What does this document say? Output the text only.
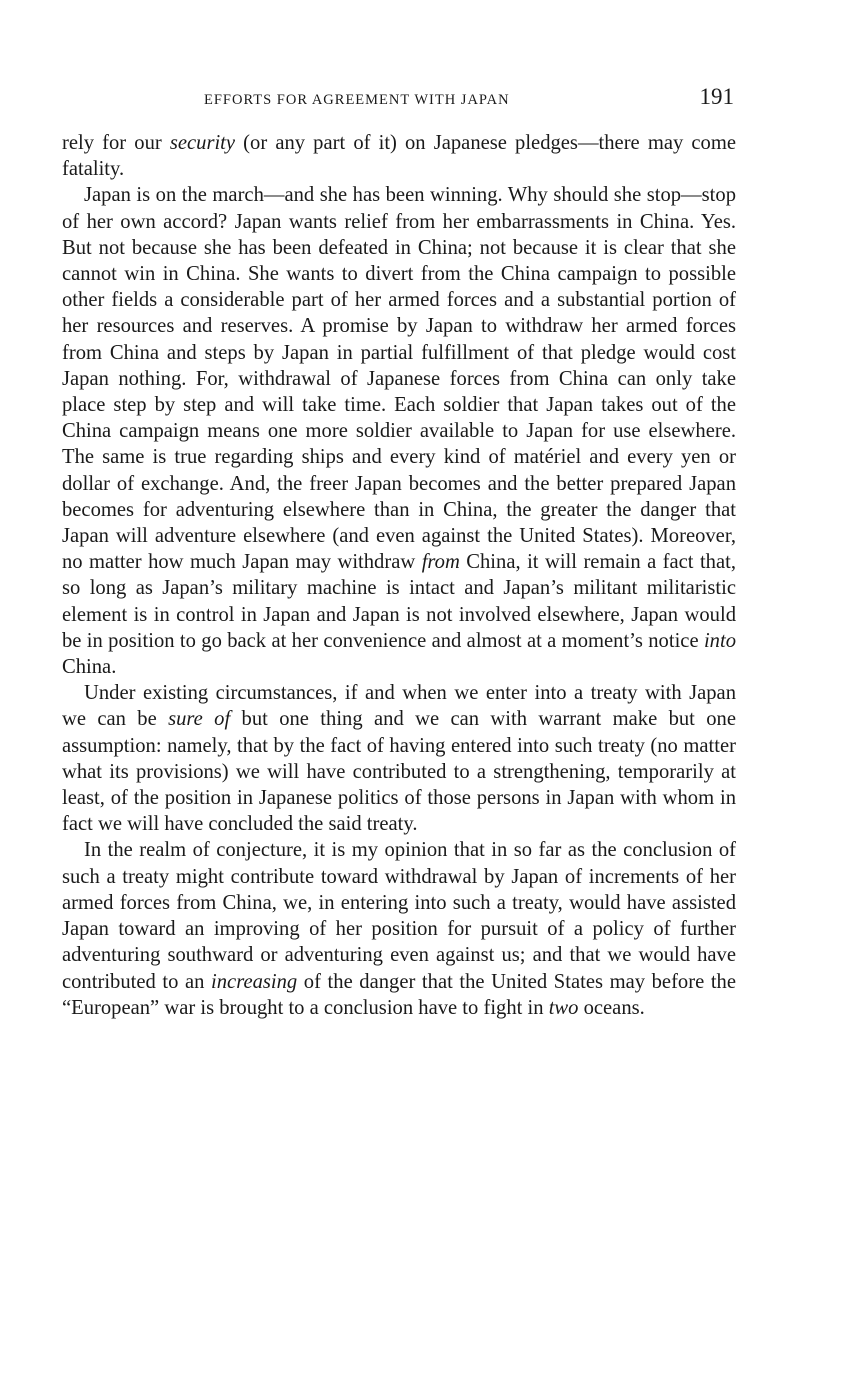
EFFORTS FOR AGREEMENT WITH JAPAN	191

rely for our security (or any part of it) on Japanese pledges—there may come fatality.

Japan is on the march—and she has been winning. Why should she stop—stop of her own accord? Japan wants relief from her embarrassments in China. Yes. But not because she has been defeated in China; not because it is clear that she cannot win in China. She wants to divert from the China campaign to possible other fields a considerable part of her armed forces and a substantial portion of her resources and reserves. A promise by Japan to withdraw her armed forces from China and steps by Japan in partial fulfillment of that pledge would cost Japan nothing. For, withdrawal of Japanese forces from China can only take place step by step and will take time. Each soldier that Japan takes out of the China campaign means one more soldier available to Japan for use elsewhere. The same is true regarding ships and every kind of matériel and every yen or dollar of exchange. And, the freer Japan becomes and the better prepared Japan becomes for adventuring elsewhere than in China, the greater the danger that Japan will adventure elsewhere (and even against the United States). Moreover, no matter how much Japan may withdraw from China, it will remain a fact that, so long as Japan’s military machine is intact and Japan’s militant militaristic element is in control in Japan and Japan is not involved elsewhere, Japan would be in position to go back at her convenience and almost at a moment’s notice into China.

Under existing circumstances, if and when we enter into a treaty with Japan we can be sure of but one thing and we can with warrant make but one assumption: namely, that by the fact of having entered into such treaty (no matter what its provisions) we will have contributed to a strengthening, temporarily at least, of the position in Japanese politics of those persons in Japan with whom in fact we will have concluded the said treaty.

In the realm of conjecture, it is my opinion that in so far as the conclusion of such a treaty might contribute toward withdrawal by Japan of increments of her armed forces from China, we, in entering into such a treaty, would have assisted Japan toward an improving of her position for pursuit of a policy of further adventuring southward or adventuring even against us; and that we would have contributed to an increasing of the danger that the United States may before the “European” war is brought to a conclusion have to fight in two oceans.
